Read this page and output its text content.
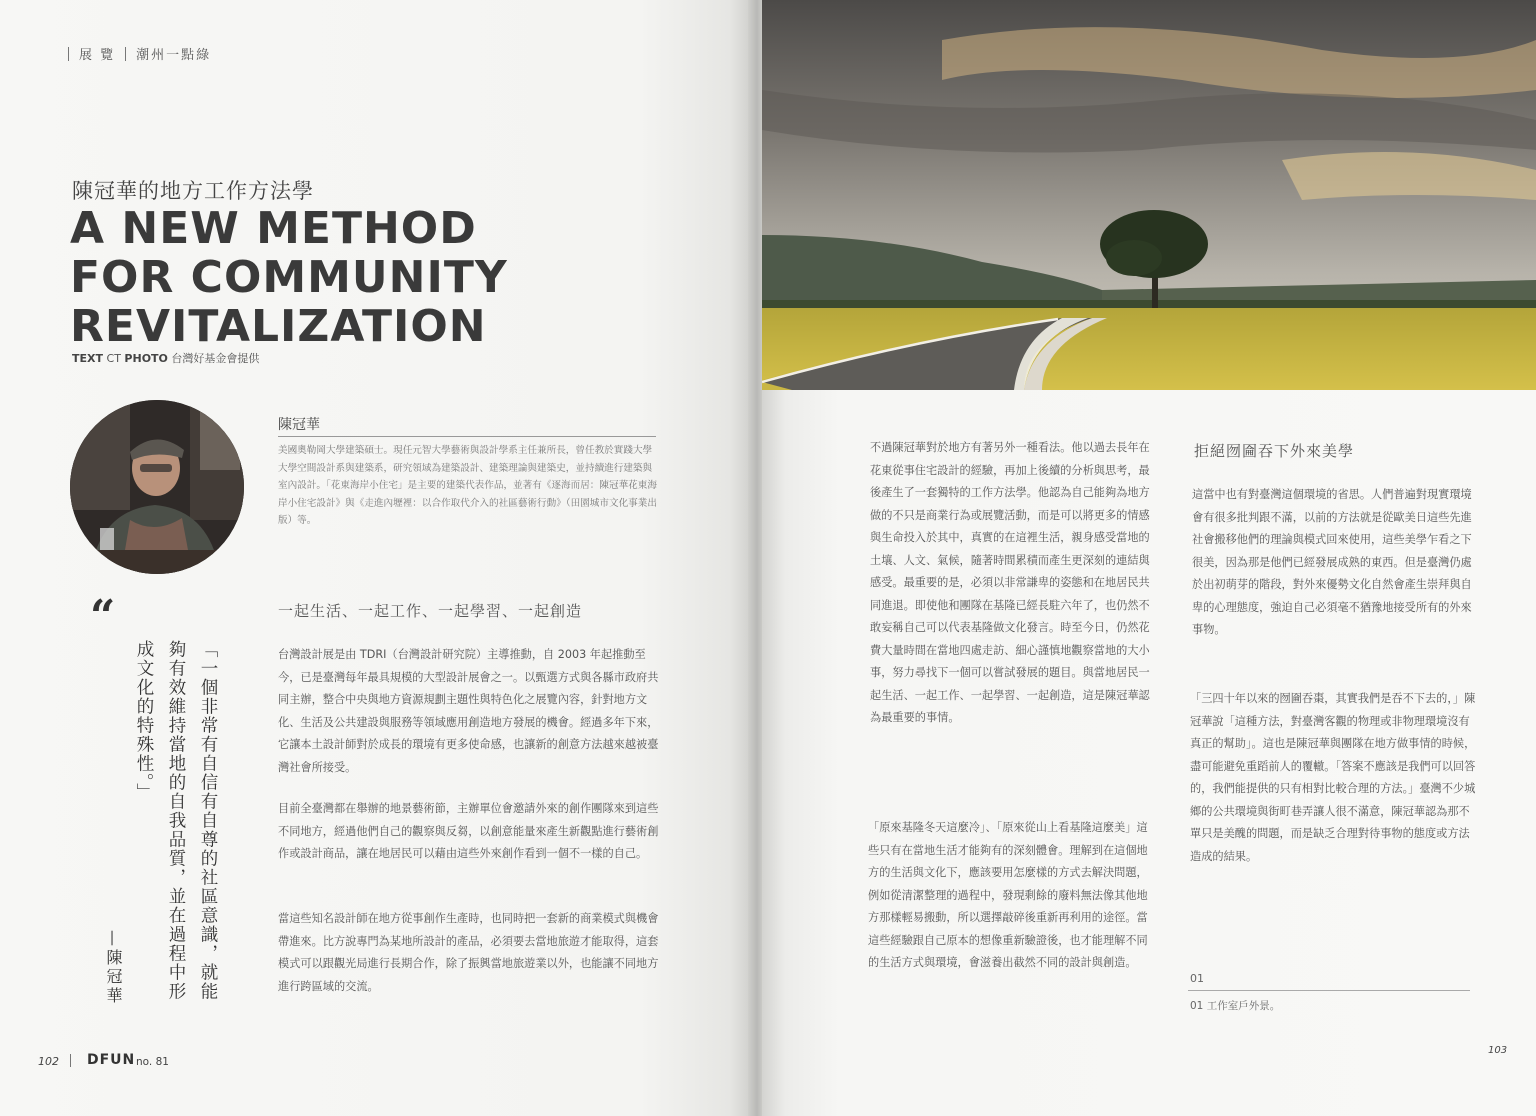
展 覽 潮州一點綠
陳冠華的地方工作方法學
A NEW METHOD
FOR COMMUNITY
REVITALIZATION
TEXT CT PHOTO 台灣好基金會提供
陳冠華

美國奧勒岡大學建築碩士。現任元智大學藝術與設計學系主任兼所長，曾任教於實踐大學大學空間設計系與建築系，研究領域為建築設計、建築理論與建築史，並持續進行建築與室內設計。「花東海岸小住宅」是主要的建築代表作品，並著有《逐海而居：陳冠華花東海岸小住宅設計》與《走進內壢裡：以合作取代介入的社區藝術行動》（田園城市文化事業出版）等。

“
「一個非常有自信有自尊的社區意識，就能夠有效維持當地的自我品質，並在過程中形成文化的特殊性。」
—陳冠華
一起生活、一起工作、一起學習、一起創造

台灣設計展是由 TDRI（台灣設計研究院）主導推動，自 2003 年起推動至今，已是臺灣每年最具規模的大型設計展會之一。以甄選方式與各縣市政府共同主辦，整合中央與地方資源規劃主題性與特色化之展覽內容，針對地方文化、生活及公共建設與服務等領域應用創造地方發展的機會。經過多年下來，它讓本土設計師對於成長的環境有更多使命感，也讓新的創意方法越來越被臺灣社會所接受。

目前全臺灣都在舉辦的地景藝術節，主辦單位會邀請外來的創作團隊來到這些不同地方，經過他們自己的觀察與反芻，以創意能量來產生新觀點進行藝術創作或設計商品，讓在地居民可以藉由這些外來創作看到一個不一樣的自己。

當這些知名設計師在地方從事創作生產時，也同時把一套新的商業模式與機會帶進來。比方說專門為某地所設計的產品，必須要去當地旅遊才能取得，這套模式可以跟觀光局進行長期合作，除了振興當地旅遊業以外，也能讓不同地方進行跨區域的交流。

102 DFUN no. 81

不過陳冠華對於地方有著另外一種看法。他以過去長年在花東從事住宅設計的經驗，再加上後續的分析與思考，最後產生了一套獨特的工作方法學。他認為自己能夠為地方做的不只是商業行為或展覽活動，而是可以將更多的情感與生命投入於其中，真實的在這裡生活，親身感受當地的土壤、人文、氣候，隨著時間累積而產生更深刻的連結與感受。最重要的是，必須以非常謙卑的姿態和在地居民共同進退。即使他和團隊在基隆已經長駐六年了，也仍然不敢妄稱自己可以代表基隆做文化發言。時至今日，仍然花費大量時間在當地四處走訪、細心謹慎地觀察當地的大小事，努力尋找下一個可以嘗試發展的題目。與當地居民一起生活、一起工作、一起學習、一起創造，這是陳冠華認為最重要的事情。

「原來基隆冬天這麼冷」、「原來從山上看基隆這麼美」這些只有在當地生活才能夠有的深刻體會。理解到在這個地方的生活與文化下，應該要用怎麼樣的方式去解決問題，例如從清潔整理的過程中，發現剩餘的廢料無法像其他地方那樣輕易搬動，所以選擇敲碎後重新再利用的途徑。當這些經驗跟自己原本的想像重新驗證後，也才能理解不同的生活方式與環境，會滋養出截然不同的設計與創造。

拒絕囫圇吞下外來美學

這當中也有對臺灣這個環境的省思。人們普遍對現實環境會有很多批判跟不滿，以前的方法就是從歐美日這些先進社會搬移他們的理論與模式回來使用，這些美學乍看之下很美，因為那是他們已經發展成熟的東西。但是臺灣仍處於出初萌芽的階段，對外來優勢文化自然會產生崇拜與自卑的心理態度，強迫自己必須毫不猶豫地接受所有的外來事物。

「三四十年以來的囫圇吞棗，其實我們是吞不下去的，」陳冠華說「這種方法，對臺灣客觀的物理或非物理環境沒有真正的幫助」。這也是陳冠華與團隊在地方做事情的時候，盡可能避免重蹈前人的覆轍。「答案不應該是我們可以回答的，我們能提供的只有相對比較合理的方法。」臺灣不少城鄉的公共環境與街町巷弄讓人很不滿意，陳冠華認為那不單只是美醜的問題，而是缺乏合理對待事物的態度或方法造成的結果。

01
01 工作室戶外景。
103
